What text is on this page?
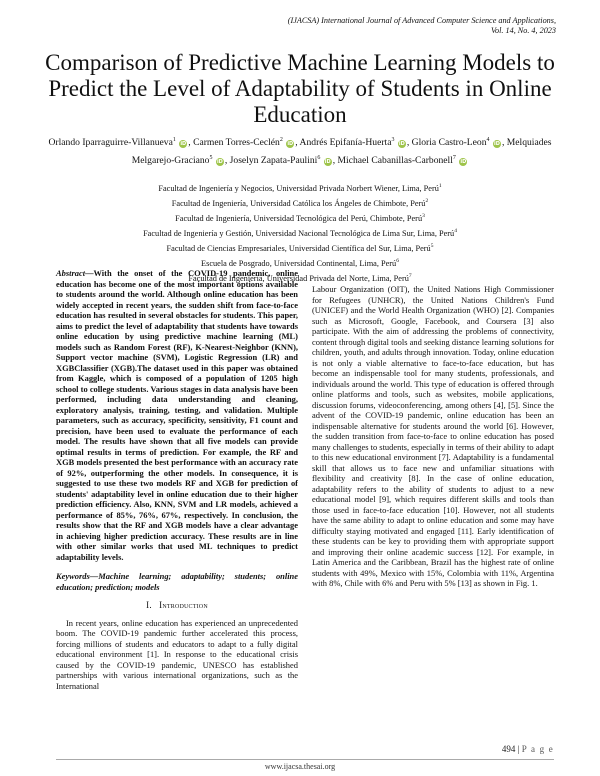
(IJACSA) International Journal of Advanced Computer Science and Applications,
Vol. 14, No. 4, 2023
Comparison of Predictive Machine Learning Models to Predict the Level of Adaptability of Students in Online Education
Orlando Iparraguirre-Villanueva$^1$ iD , Carmen Torres-Ceclén$^2$ iD , Andrés Epifanía-Huerta$^3$ iD , Gloria Castro-Leon$^4$ iD , Melquiades Melgarejo-Graciano$^5$ iD , Joselyn Zapata-Paulini$^6$ iD , Michael Cabanillas-Carbonell$^7$ iD
Facultad de Ingeniería y Negocios, Universidad Privada Norbert Wiener, Lima, Perú$^1$
Facultad de Ingeniería, Universidad Católica los Ángeles de Chimbote, Perú$^2$
Facultad de Ingeniería, Universidad Tecnológica del Perú, Chimbote, Perú$^3$
Facultad de Ingeniería y Gestión, Universidad Nacional Tecnológica de Lima Sur, Lima, Perú$^4$
Facultad de Ciencias Empresariales, Universidad Científica del Sur, Lima, Perú$^5$
Escuela de Posgrado, Universidad Continental, Lima, Perú$^6$
Facultad de Ingeniería, Universidad Privada del Norte, Lima, Perú$^7$
Abstract—With the onset of the COVID-19 pandemic, online education has become one of the most important options available to students around the world. Although online education has been widely accepted in recent years, the sudden shift from face-to-face education has resulted in several obstacles for students. This paper, aims to predict the level of adaptability that students have towards online education by using predictive machine learning (ML) models such as Random Forest (RF), K-Nearest-Neighbor (KNN), Support vector machine (SVM), Logistic Regression (LR) and XGBClassifier (XGB).The dataset used in this paper was obtained from Kaggle, which is composed of a population of 1205 high school to college students. Various stages in data analysis have been performed, including data understanding and cleaning, exploratory analysis, training, testing, and validation. Multiple parameters, such as accuracy, specificity, sensitivity, F1 count and precision, have been used to evaluate the performance of each model. The results have shown that all five models can provide optimal results in terms of prediction. For example, the RF and XGB models presented the best performance with an accuracy rate of 92%, outperforming the other models. In consequence, it is suggested to use these two models RF and XGB for prediction of students' adaptability level in online education due to their higher prediction efficiency. Also, KNN, SVM and LR models, achieved a performance of 85%, 76%, 67%, respectively. In conclusion, the results show that the RF and XGB models have a clear advantage in achieving higher prediction accuracy. These results are in line with other similar works that used ML techniques to predict adaptability levels.
Keywords—Machine learning; adaptability; students; online education; prediction; models
I. Introduction
In recent years, online education has experienced an unprecedented boom. The COVID-19 pandemic further accelerated this process, forcing millions of students and educators to adapt to a fully digital educational environment [1]. In response to the educational crisis caused by the COVID-19 pandemic, UNESCO has established partnerships with various international organizations, such as the International
Labour Organization (OIT), the United Nations High Commissioner for Refugees (UNHCR), the United Nations Children's Fund (UNICEF) and the World Health Organization (WHO) [2]. Companies such as Microsoft, Google, Facebook, and Coursera [3] also participate. With the aim of addressing the problems of connectivity, content through digital tools and seeking distance learning solutions for children, youth, and adults through innovation. Today, online education is not only a viable alternative to face-to-face education, but has become an indispensable tool for many students, professionals, and individuals around the world. This type of education is offered through online platforms and tools, such as websites, mobile applications, discussion forums, videoconferencing, among others [4], [5]. Since the advent of the COVID-19 pandemic, online education has been an indispensable alternative for students around the world [6]. However, the sudden transition from face-to-face to online education has posed many challenges to students, especially in terms of their ability to adapt to this new educational environment [7]. Adaptability is a fundamental skill that allows us to face new and unfamiliar situations with flexibility and creativity [8]. In the case of online education, adaptability refers to the ability of students to adjust to a new educational model [9], which requires different skills and tools than those used in face-to-face education [10]. However, not all students have the same ability to adapt to online education and some may have difficulty staying motivated and engaged [11]. Early identification of these students can be key to providing them with appropriate support and improving their online academic success [12]. For example, in Latin America and the Caribbean, Brazil has the highest rate of online students with 49%, Mexico with 15%, Colombia with 11%, Argentina with 8%, Chile with 6% and Peru with 5% [13] as shown in Fig. 1.
494 | P a g e
www.ijacsa.thesai.org
